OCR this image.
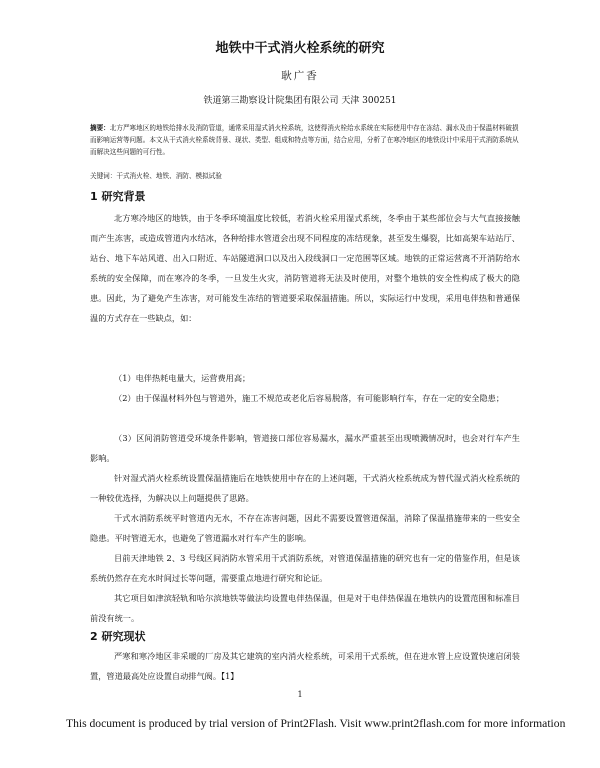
地铁中干式消火栓系统的研究
耿广香
铁道第三勘察设计院集团有限公司 天津 300251
摘要：北方严寒地区的地铁给排水及消防管道，通常采用湿式消火栓系统，这使得消火栓给水系统在实际使用中存在冻结、漏水及由于保温材料破损而影响运营等问题。本文从干式消火栓系统背景、现状、类型、组成和特点等方面，结合应用，分析了在寒冷地区的地铁设计中采用干式消防系统从而解决这些问题的可行性。
关键词：干式消火栓、地铁、消防、模拟试验
1 研究背景
北方寒冷地区的地铁，由于冬季环境温度比较低，若消火栓采用湿式系统，冬季由于某些部位会与大气直接接触而产生冻害，或造成管道内水结冰，各种给排水管道会出现不同程度的冻结现象，甚至发生爆裂，比如高架车站站厅、站台、地下车站风道、出入口附近、车站隧道洞口以及出入段线洞口一定范围等区域。地铁的正常运营离不开消防给水系统的安全保障，而在寒冷的冬季，一旦发生火灾，消防管道将无法及时使用，对整个地铁的安全性构成了极大的隐患。因此，为了避免产生冻害，对可能发生冻结的管道要采取保温措施。所以，实际运行中发现，采用电伴热和普通保温的方式存在一些缺点，如：
（1）电伴热耗电量大，运营费用高；
（2）由于保温材料外包与管道外，施工不规范或老化后容易脱落，有可能影响行车，存在一定的安全隐患；
（3）区间消防管道受环境条件影响，管道接口部位容易漏水，漏水严重甚至出现喷溅情况时，也会对行车产生影响。
针对湿式消火栓系统设置保温措施后在地铁使用中存在的上述问题，干式消火栓系统成为替代湿式消火栓系统的一种较优选择，为解决以上问题提供了思路。
干式水消防系统平时管道内无水，不存在冻害问题，因此不需要设置管道保温，消除了保温措施带来的一些安全隐患。平时管道无水，也避免了管道漏水对行车产生的影响。
目前天津地铁 2、3 号线区间消防水管采用干式消防系统，对管道保温措施的研究也有一定的借鉴作用，但是该系统仍然存在充水时间过长等问题，需要重点地进行研究和论证。
其它项目如津滨轻轨和哈尔滨地铁等做法均设置电伴热保温，但是对于电伴热保温在地铁内的设置范围和标准目前没有统一。
2 研究现状
严寒和寒冷地区非采暖的厂房及其它建筑的室内消火栓系统，可采用干式系统，但在进水管上应设置快速启闭装置，管道最高处应设置自动排气阀。【1】
1
This document is produced by trial version of Print2Flash. Visit www.print2flash.com for more information
